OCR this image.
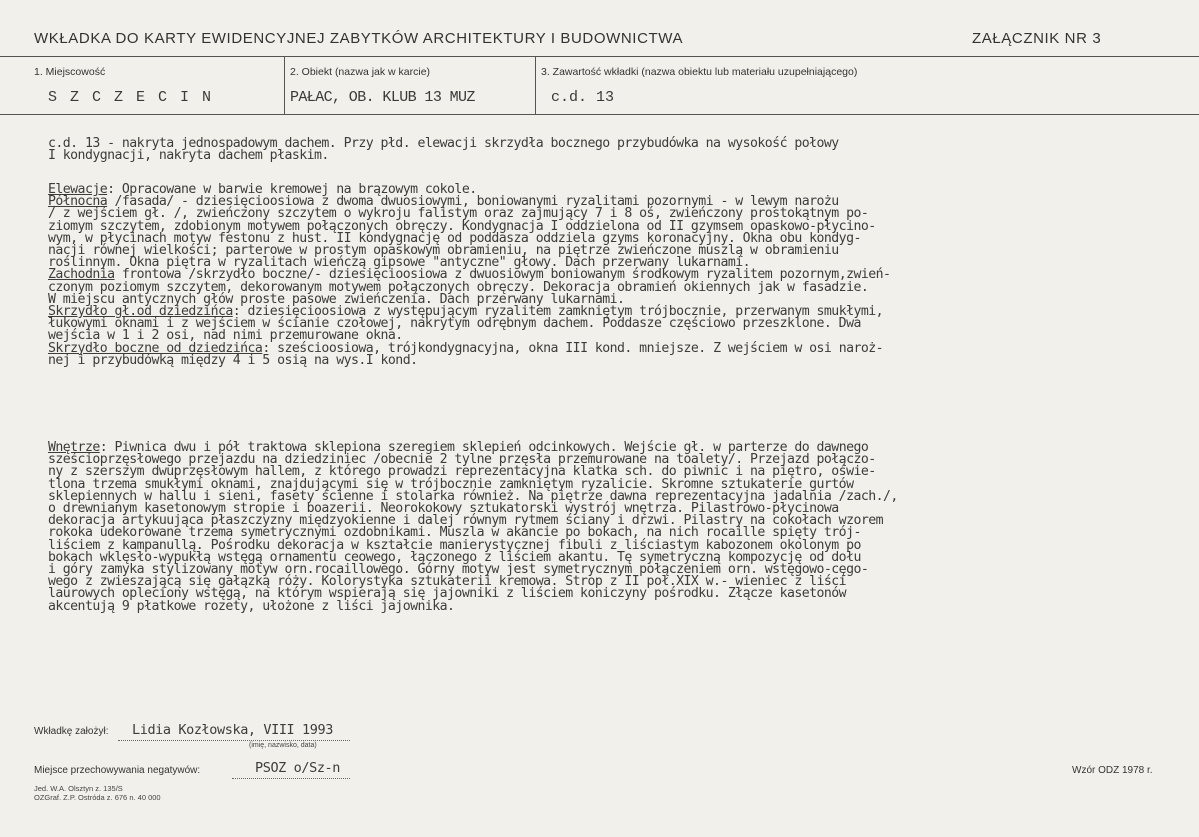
WKŁADKA DO KARTY EWIDENCYJNEJ ZABYTKÓW ARCHITEKTURY I BUDOWNICTWA	ZAŁĄCZNIK NR 3
1. Miejscowość
S Z C Z E C I N
2. Obiekt (nazwa jak w karcie)
PAŁAC, OB. KLUB 13 MUZ
3. Zawartość wkładki (nazwa obiektu lub materiału uzupełniającego)
c.d. 13
c.d. 13 - nakryta jednospadowym dachem. Przy płd. elewacji skrzydła bocznego przybudówka na wysokość połowy
I kondygnacji, nakryta dachem płaskim.
Elewacje: Opracowane w barwie kremowej na brązowym cokole.
Północna /fasada/ - dziesięcioosiowa z dwoma dwuosiowymi, boniowanymi ryzalitami pozornymi - w lewym narożu
/ z wejściem gł. /, zwieńczony szczytem o wykroju falistym oraz zajmujący 7 i 8 oś, zwieńczony prostokątnym po-
ziomym szczytem, zdobionym motywem połączonych obręczy. Kondygnacja I oddzielona od II gzymsem opaskowo-płycino-
wym, w płycinach motyw festonu z hust. II kondygnację od poddasza oddziela gzyms koronacyjny. Okna obu kondyg-
nacji równej wielkości; parterowe w prostym opaskowym obramieniu, na piętrze zwieńczone muszlą w obramieniu
roślinnym. Okna piętra w ryzalitach wieńczą gipsowe "antyczne" głowy. Dach przerwany lukarnami.
Zachodnia frontowa /skrzydło boczne/- dziesięcioosiowa z dwuosiowym boniowanym środkowym ryzalitem pozornym,zwień-
czonym poziomym szczytem, dekorowanym motywem połączonych obręczy. Dekoracja obramień okiennych jak w fasadzie.
W miejscu antycznych głów proste pasowe zwieńczenia. Dach przerwany lukarnami.
Skrzydło gł.od dziedzińca: dziesięcioosiowa z występującym ryzalitem zamkniętym trójbocznie, przerwanym smukłymi,
łukowymi oknami i z wejściem w ścianie czołowej, nakrytym odrębnym dachem. Poddasze częściowo przeszklone. Dwa
wejścia w 1 i 2 osi, nad nimi przemurowane okna.
Skrzydło boczne od dziedzińca: sześcioosiowa, trójkondygnacyjna, okna III kond. mniejsze. Z wejściem w osi naroż-
nej i przybudówką między 4 i 5 osią na wys.I kond.
Wnętrze: Piwnica dwu i pół traktowa sklepiona szeregiem sklepień odcinkowych. Wejście gł. w parterze do dawnego
sześcioprzęsłowego przejazdu na dziedziniec /obecnie 2 tylne przęsła przemurowane na toalety/. Przejazd połączo-
ny z szerszym dwuprzęsłowym hallem, z którego prowadzi reprezentacyjna klatka sch. do piwnic i na piętro, oświe-
tlona trzema smukłymi oknami, znajdującymi się w trójbocznie zamkniętym ryzalicie. Skromne sztukaterie gurtów
sklepiennych w hallu i sieni, fasety ścienne i stolarka również. Na piętrze dawna reprezentacyjna jadalnia /zach./,
o drewnianym kasetonowym stropie i boazerii. Neorokokowy sztukatorski wystrój wnętrza. Pilastrowo-płycinowa
dekoracja artykuująca płaszczyzny międzyokienne i dalej równym rytmem ściany i drzwi. Pilastry na cokołach wzorem
rokoka udekorowane trzema symetrycznymi ozdobnikami. Muszla w akancie po bokach, na nich rocaille spięty trój-
liściem z kampanullą. Pośrodku dekoracja w kształcie manierystycznej fibuli z liściastym kabozonem okolonym po
bokach wklęsło-wypukłą wstęgą ornamentu ceowego, łączonego z liściem akantu. Tę symetryczną kompozycję od dołu
i góry zamyka stylizowany motyw orn.rocaillowego. Górny motyw jest symetrycznym połączeniem orn. wstęgowo-cęgo-
wego z zwieszającą się gałązką róży. Kolorystyka sztukaterii kremowa. Strop z II poł.XIX w.- wieniec z liści
laurowych opleciony wstęgą, na którym wspierają się jajowniki z liściem koniczyny pośrodku. Złącze kasetonów
akcentują 9 płatkowe rozety, ułożone z liści jajownika.
Wkładkę założył: Lidia Kozłowska, VIII 1993
(imię, nazwisko, data)
Miejsce przechowywania negatywów:	PSOZ o/Sz-n
Jed. W.A. Olsztyn z. 135/S
OZGraf. Z.P. Ostróda z. 676 n. 40 000
Wzór ODZ 1978 r.
